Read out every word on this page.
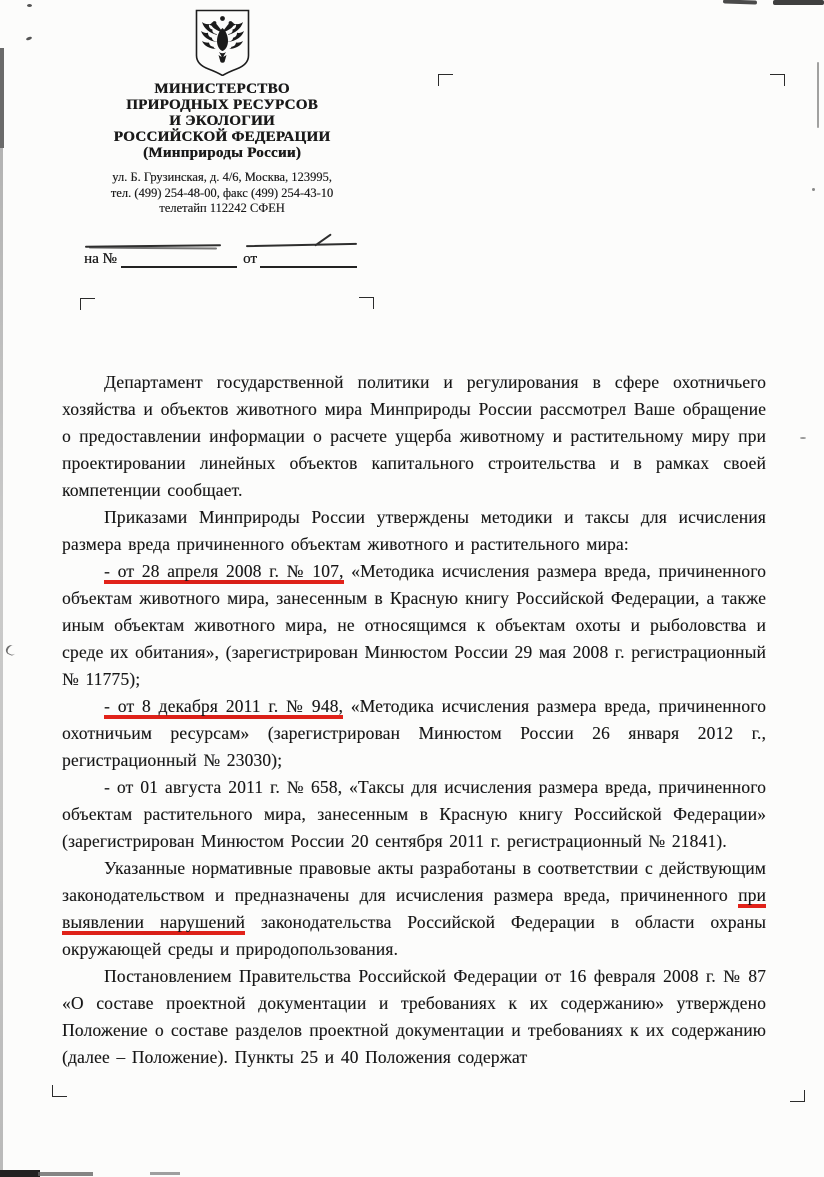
МИНИСТЕРСТВО
ПРИРОДНЫХ РЕСУРСОВ
И ЭКОЛОГИИ
РОССИЙСКОЙ ФЕДЕРАЦИИ
(Минприроды России)
ул. Б. Грузинская, д. 4/6, Москва, 123995,
тел. (499) 254-48-00, факс (499) 254-43-10
телетайп 112242 СФЕН
на №	от

Департамент государственной политики и регулирования в сфере охотничьего хозяйства и объектов животного мира Минприроды России рассмотрел Ваше обращение о предоставлении информации о расчете ущерба животному и растительному миру при проектировании линейных объектов капитального строительства и в рамках своей компетенции сообщает.

Приказами Минприроды России утверждены методики и таксы для исчисления размера вреда причиненного объектам животного и растительного мира:

- от 28 апреля 2008 г. № 107, «Методика исчисления размера вреда, причиненного объектам животного мира, занесенным в Красную книгу Российской Федерации, а также иным объектам животного мира, не относящимся к объектам охоты и рыболовства и среде их обитания», (зарегистрирован Минюстом России 29 мая 2008 г. регистрационный № 11775);

- от 8 декабря 2011 г. № 948, «Методика исчисления размера вреда, причиненного охотничьим ресурсам» (зарегистрирован Минюстом России 26 января 2012 г., регистрационный № 23030);

- от 01 августа 2011 г. № 658, «Таксы для исчисления размера вреда, причиненного объектам растительного мира, занесенным в Красную книгу Российской Федерации» (зарегистрирован Минюстом России 20 сентября 2011 г. регистрационный № 21841).

Указанные нормативные правовые акты разработаны в соответствии с действующим законодательством и предназначены для исчисления размера вреда, причиненного при выявлении нарушений законодательства Российской Федерации в области охраны окружающей среды и природопользования.

Постановлением Правительства Российской Федерации от 16 февраля 2008 г. № 87 «О составе проектной документации и требованиях к их содержанию» утверждено Положение о составе разделов проектной документации и требованиях к их содержанию (далее – Положение). Пункты 25 и 40 Положения содержат
